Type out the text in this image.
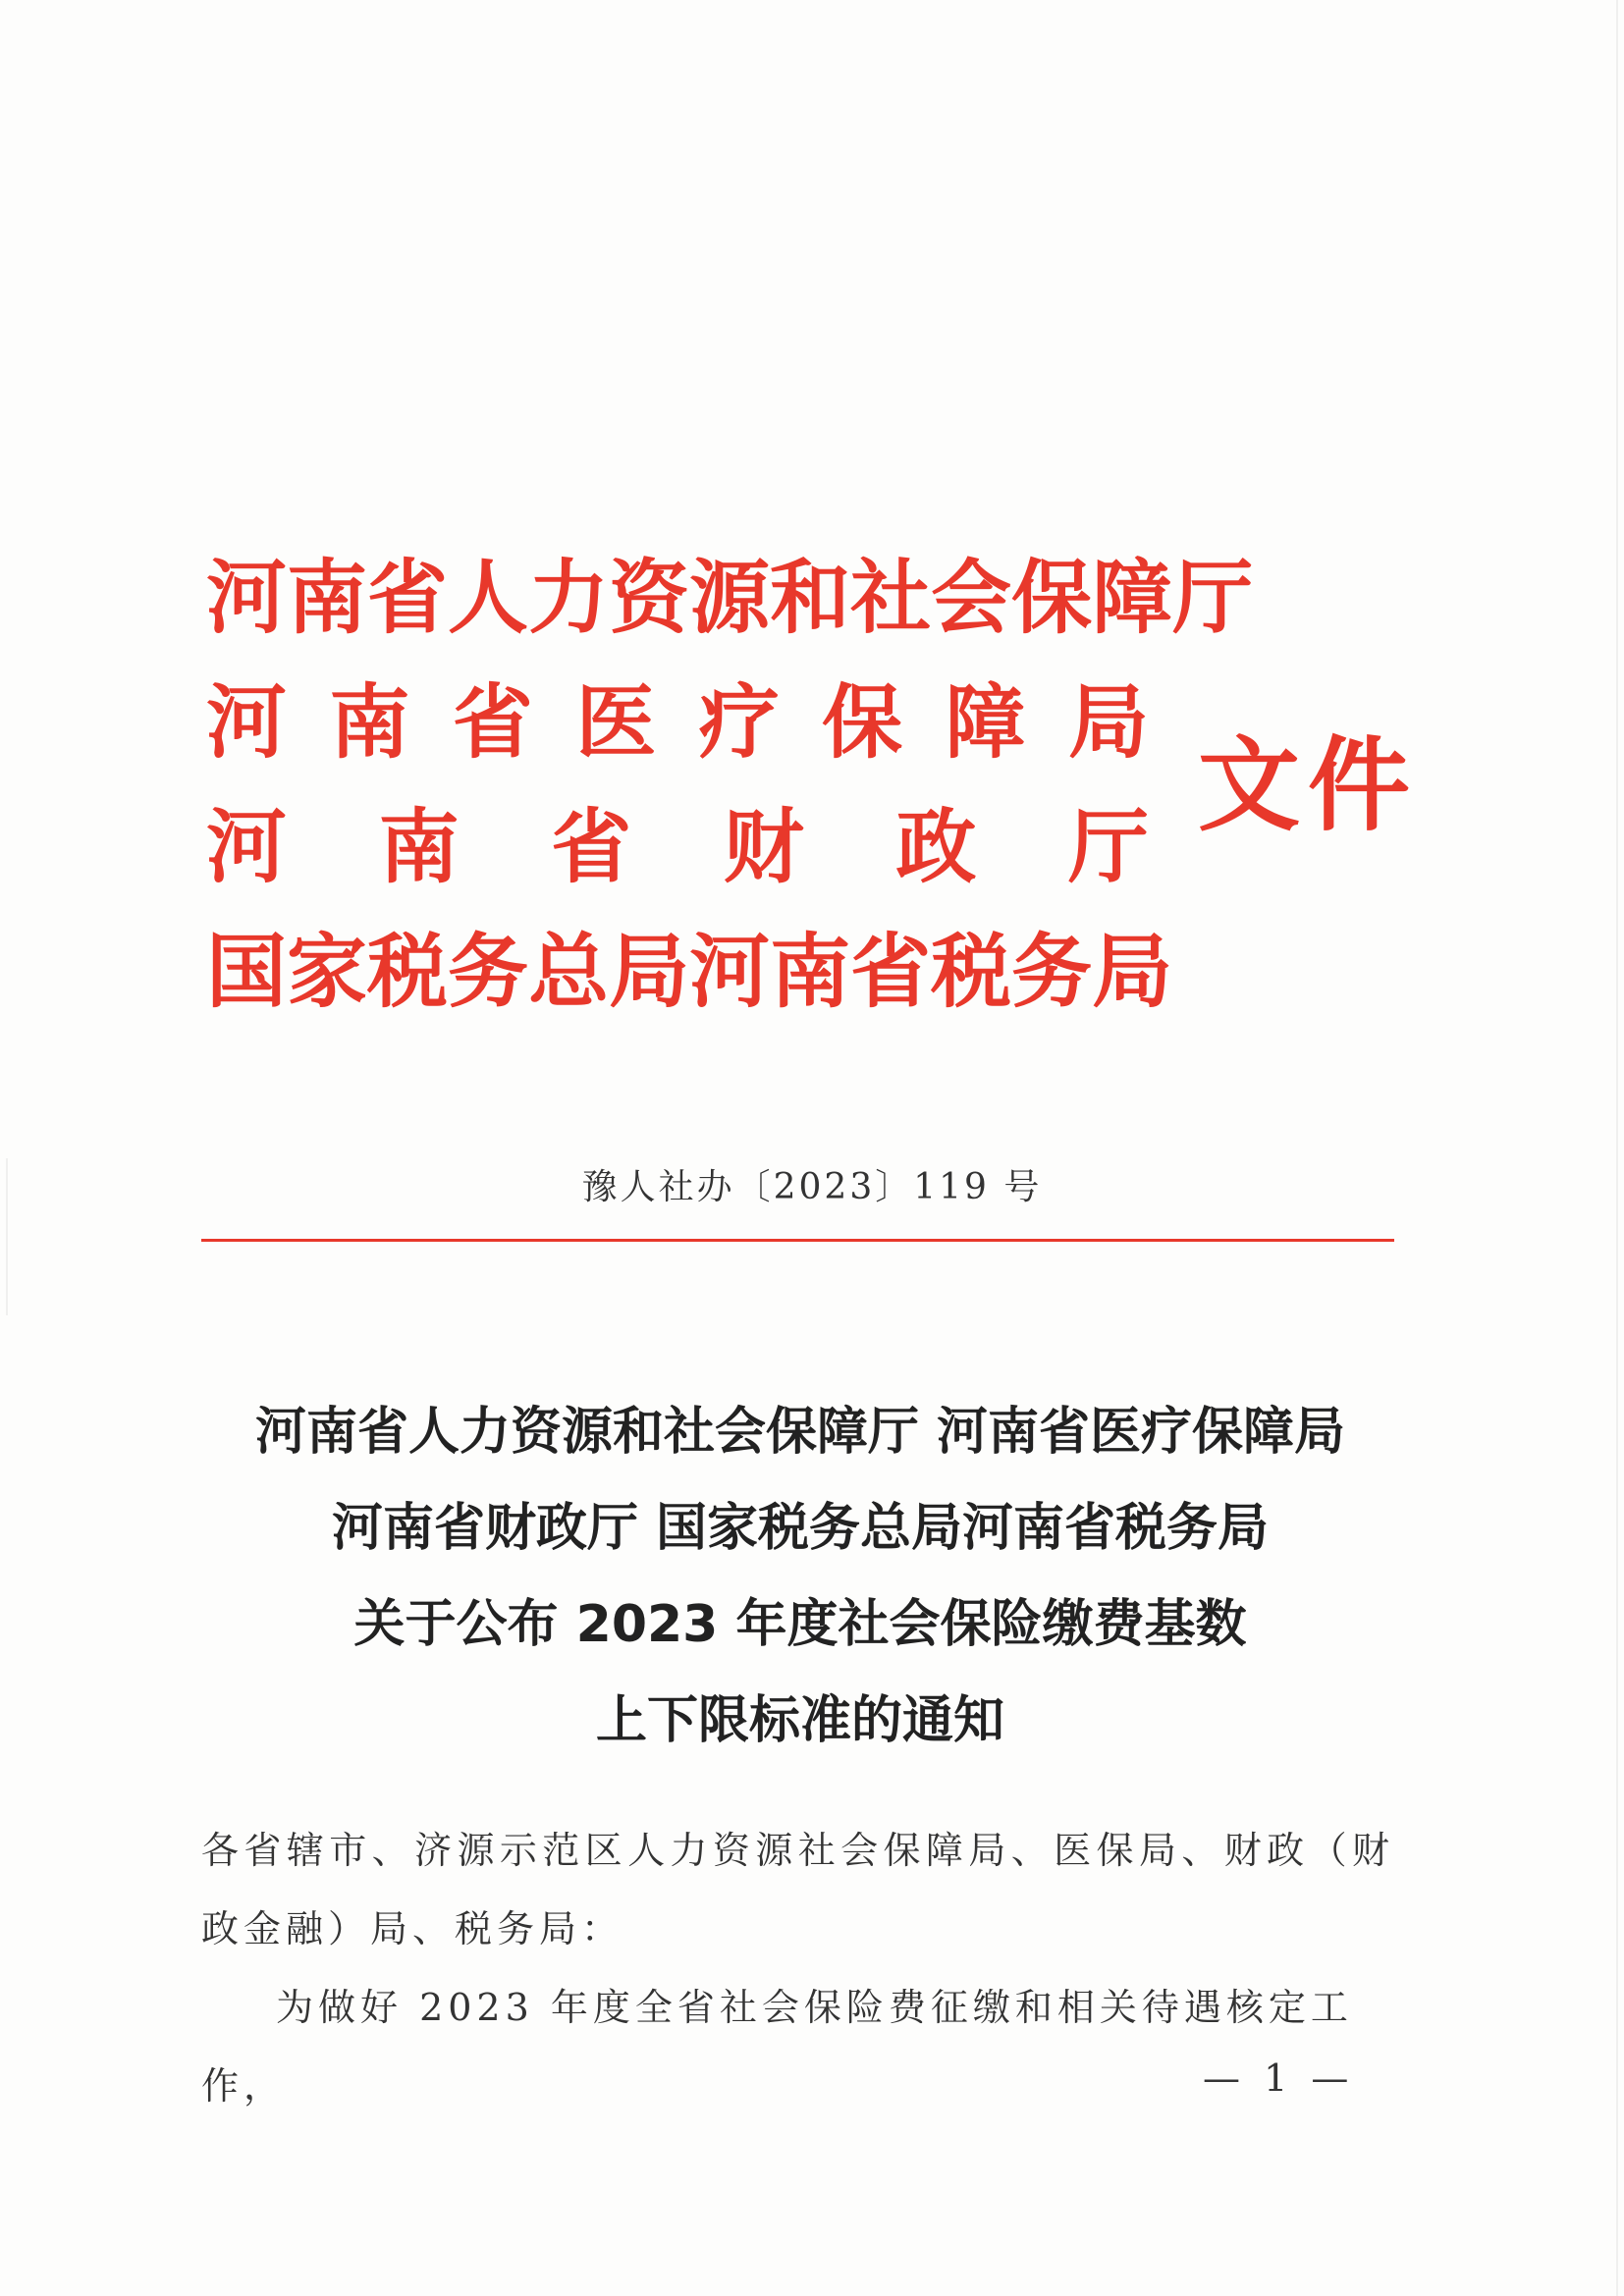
河 南 省 人 力 资 源 和 社 会 保 障 厅
河 南 省 医 疗 保 障 局
河 南 省 财 政 厅
国 家 税 务 总 局 河 南 省 税 务 局
文件
豫人社办〔2023〕119 号
河南省人力资源和社会保障厅 河南省医疗保障局
河南省财政厅 国家税务总局河南省税务局
关于公布 2023 年度社会保险缴费基数
上下限标准的通知

各省辖市、济源示范区人力资源社会保障局、医保局、财政（财政金融）局、税务局：

为做好 2023 年度全省社会保险费征缴和相关待遇核定工作，	— 1 —
